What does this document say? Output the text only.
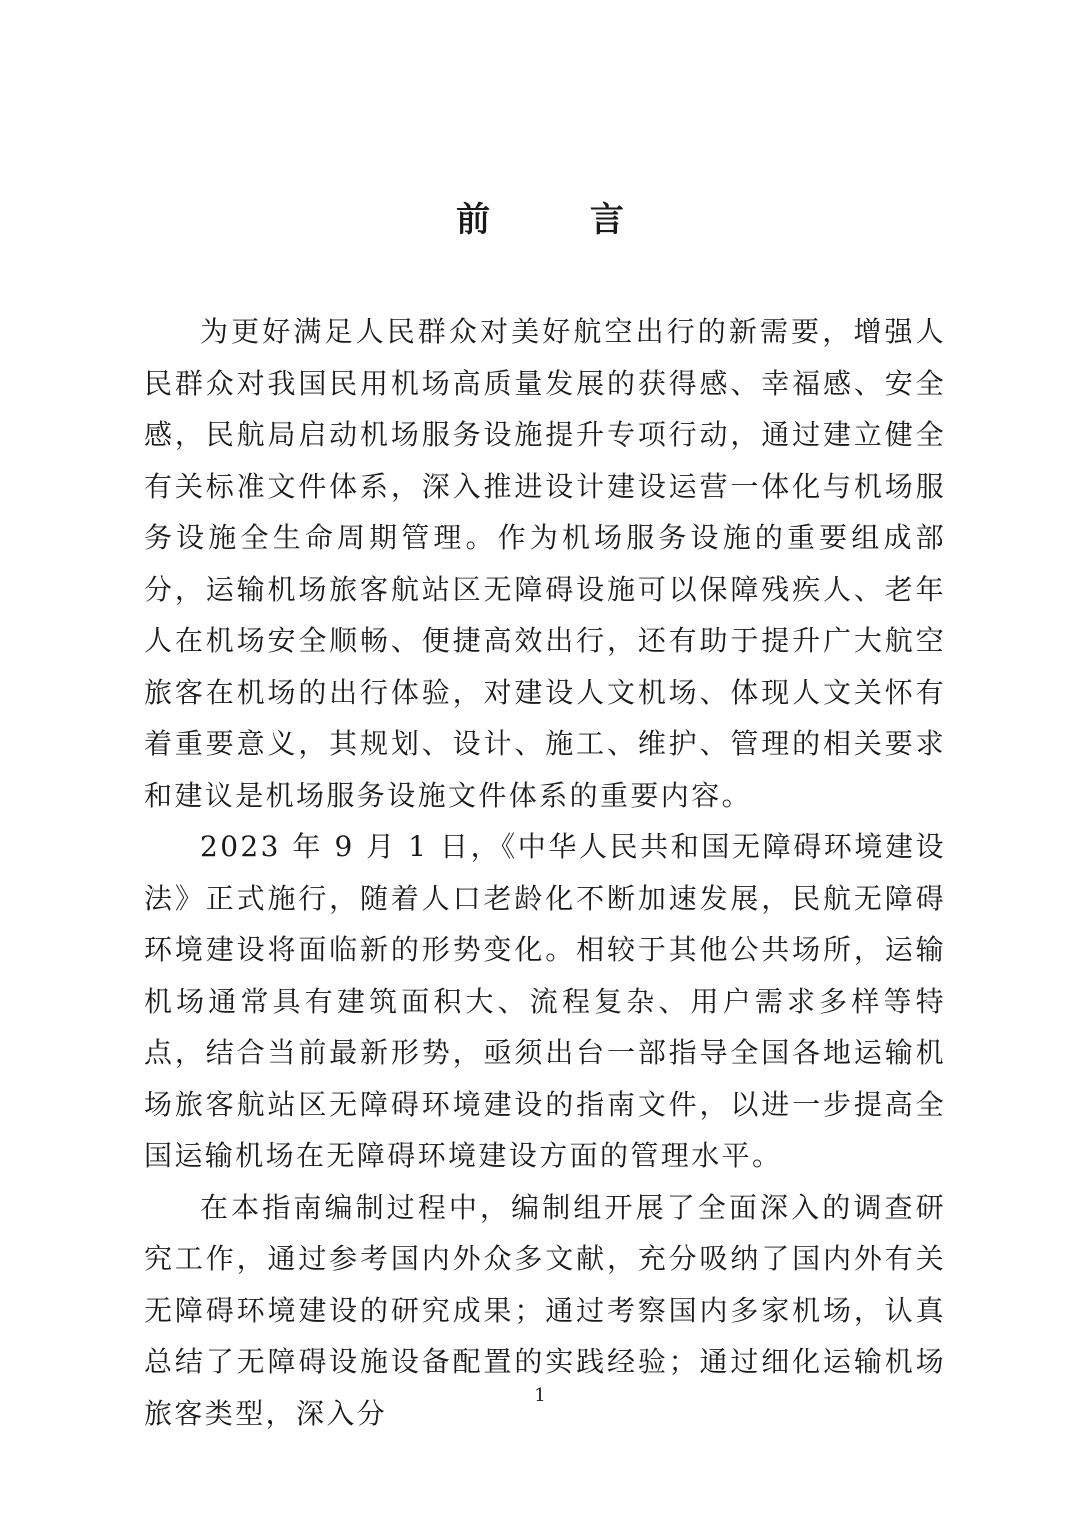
前 言

为更好满足人民群众对美好航空出行的新需要，增强人民群众对我国民用机场高质量发展的获得感、幸福感、安全感，民航局启动机场服务设施提升专项行动，通过建立健全有关标准文件体系，深入推进设计建设运营一体化与机场服务设施全生命周期管理。作为机场服务设施的重要组成部分，运输机场旅客航站区无障碍设施可以保障残疾人、老年人在机场安全顺畅、便捷高效出行，还有助于提升广大航空旅客在机场的出行体验，对建设人文机场、体现人文关怀有着重要意义，其规划、设计、施工、维护、管理的相关要求和建议是机场服务设施文件体系的重要内容。

2023 年 9 月 1 日，《中华人民共和国无障碍环境建设法》正式施行，随着人口老龄化不断加速发展，民航无障碍环境建设将面临新的形势变化。相较于其他公共场所，运输机场通常具有建筑面积大、流程复杂、用户需求多样等特点，结合当前最新形势，亟须出台一部指导全国各地运输机场旅客航站区无障碍环境建设的指南文件，以进一步提高全国运输机场在无障碍环境建设方面的管理水平。

在本指南编制过程中，编制组开展了全面深入的调查研究工作，通过参考国内外众多文献，充分吸纳了国内外有关无障碍环境建设的研究成果；通过考察国内多家机场，认真总结了无障碍设施设备配置的实践经验；通过细化运输机场旅客类型，深入分

1
